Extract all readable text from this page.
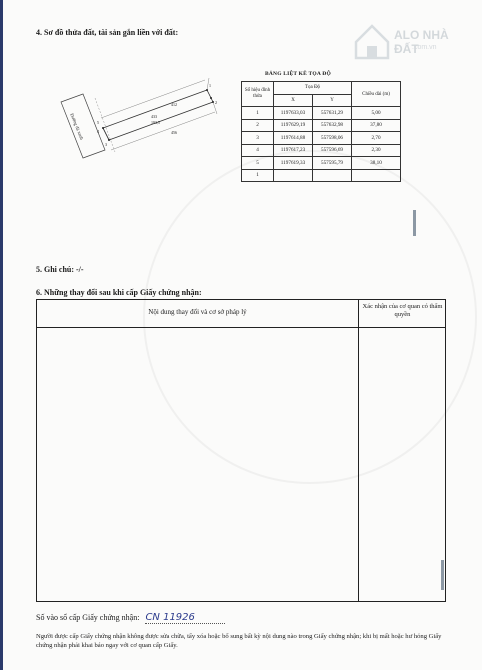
ALO NHÀ ĐẤT
.com.vn
4. Sơ đồ thửa đất, tài sản gắn liền với đất:
Đường đá xanh
412
456
433
193,5
1
2
3
4
5
BẢNG LIỆT KÊ TỌA ĐỘ
Số hiệu đỉnh thửa	Tọa Độ		Chiều dài (m)
	X	Y	
1	1197633,03	557631,29	5,00
2	1197629,19	557632,98	37,80
3	1197614,88	557598,06	2,70
4	1197617,23	557596,69	2,30
5	1197619,33	557595,79	38,10
1			
5. Ghi chú: -/-
6. Những thay đổi sau khi cấp Giấy chứng nhận:
Nội dung thay đổi và cơ sở pháp lý
Xác nhận của cơ quan có thẩm quyền
Số vào sổ cấp Giấy chứng nhận: CN 11926
Người được cấp Giấy chứng nhận không được sửa chữa, tẩy xóa hoặc bổ sung bất kỳ nội dung nào trong Giấy chứng nhận; khi bị mất hoặc hư hỏng Giấy chứng nhận phải khai báo ngay với cơ quan cấp Giấy.
